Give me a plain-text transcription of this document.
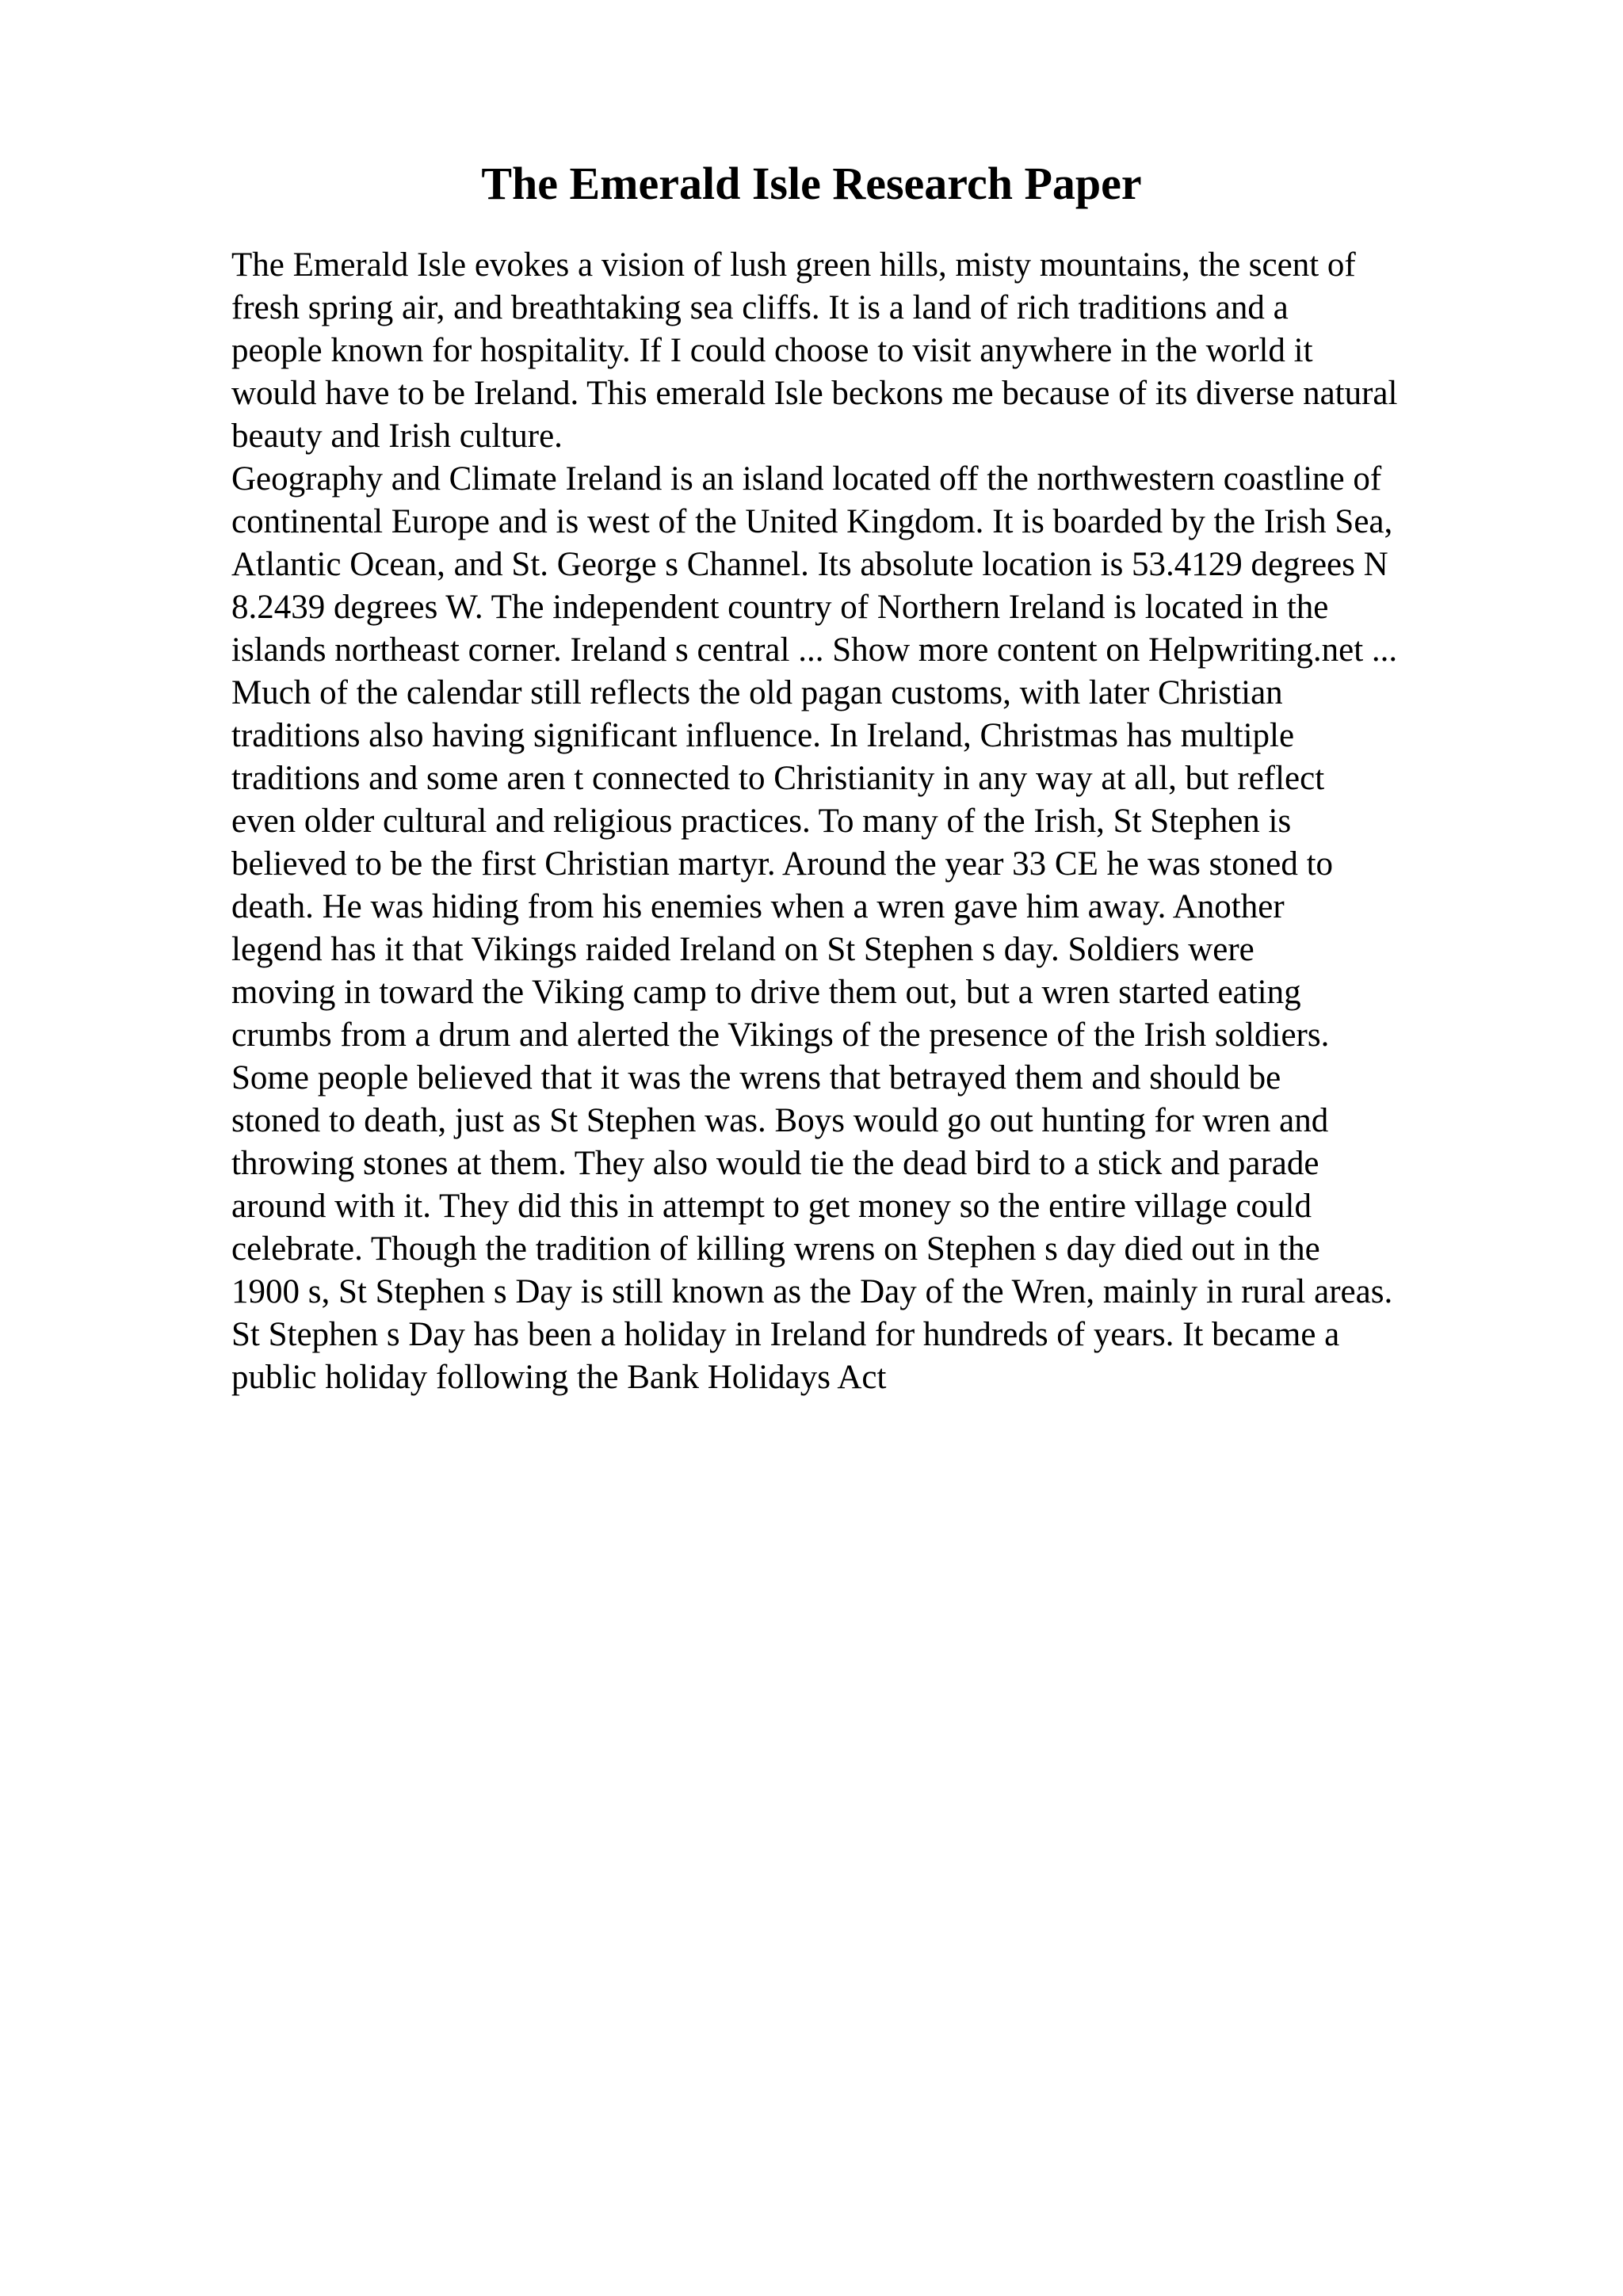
The Emerald Isle Research Paper
The Emerald Isle evokes a vision of lush green hills, misty mountains, the scent of
fresh spring air, and breathtaking sea cliffs. It is a land of rich traditions and a
people known for hospitality. If I could choose to visit anywhere in the world it
would have to be Ireland. This emerald Isle beckons me because of its diverse natural
beauty and Irish culture.
Geography and Climate Ireland is an island located off the northwestern coastline of
continental Europe and is west of the United Kingdom. It is boarded by the Irish Sea,
Atlantic Ocean, and St. George s Channel. Its absolute location is 53.4129 degrees N
8.2439 degrees W. The independent country of Northern Ireland is located in the
islands northeast corner. Ireland s central ... Show more content on Helpwriting.net ...
Much of the calendar still reflects the old pagan customs, with later Christian
traditions also having significant influence. In Ireland, Christmas has multiple
traditions and some aren t connected to Christianity in any way at all, but reflect
even older cultural and religious practices. To many of the Irish, St Stephen is
believed to be the first Christian martyr. Around the year 33 CE he was stoned to
death. He was hiding from his enemies when a wren gave him away. Another
legend has it that Vikings raided Ireland on St Stephen s day. Soldiers were
moving in toward the Viking camp to drive them out, but a wren started eating
crumbs from a drum and alerted the Vikings of the presence of the Irish soldiers.
Some people believed that it was the wrens that betrayed them and should be
stoned to death, just as St Stephen was. Boys would go out hunting for wren and
throwing stones at them. They also would tie the dead bird to a stick and parade
around with it. They did this in attempt to get money so the entire village could
celebrate. Though the tradition of killing wrens on Stephen s day died out in the
1900 s, St Stephen s Day is still known as the Day of the Wren, mainly in rural areas.
St Stephen s Day has been a holiday in Ireland for hundreds of years. It became a
public holiday following the Bank Holidays Act
